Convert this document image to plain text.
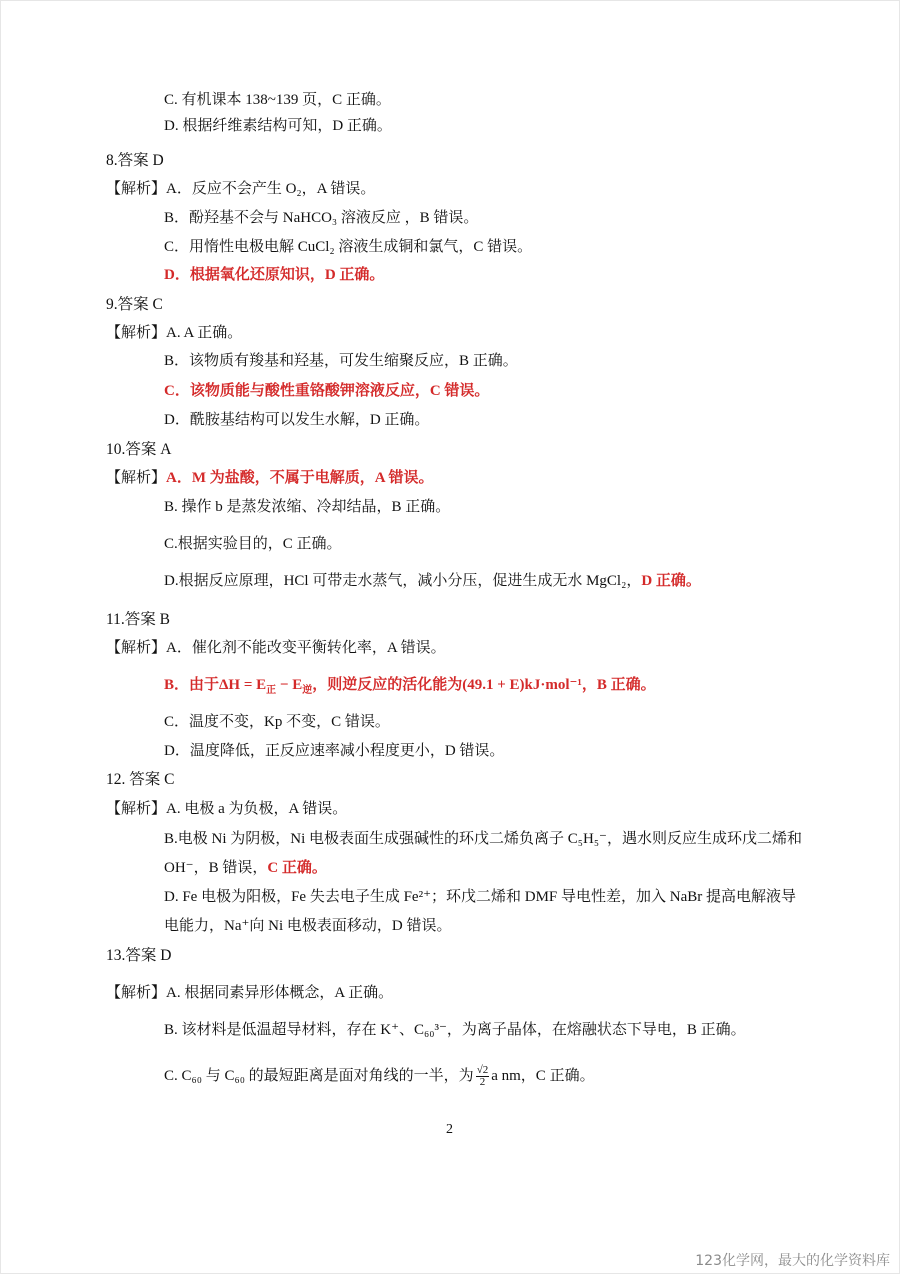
C. 有机课本 138~139 页，C 正确。
D. 根据纤维素结构可知，D 正确。
8.答案 D
【解析】A．反应不会产生 O₂，A 错误。
B．酚羟基不会与 NaHCO₃ 溶液反应 ，B 错误。
C．用惰性电极电解 CuCl₂ 溶液生成铜和氯气，C 错误。
D．根据氧化还原知识，D 正确。
9.答案 C
【解析】A. A 正确。
B．该物质有羧基和羟基，可发生缩聚反应，B 正确。
C．该物质能与酸性重铬酸钾溶液反应，C 错误。
D．酰胺基结构可以发生水解，D 正确。
10.答案 A
【解析】A．M 为盐酸，不属于电解质，A 错误。
B. 操作 b 是蒸发浓缩、冷却结晶，B 正确。
C.根据实验目的，C 正确。
D.根据反应原理，HCl 可带走水蒸气，减小分压，促进生成无水 MgCl₂，D 正确。
11.答案 B
【解析】A．催化剂不能改变平衡转化率，A 错误。
B．由于$\Delta H = E_正 - E_逆$，则逆反应的活化能为(49.1 + E)kJ·mol⁻¹，B 正确。
C．温度不变，Kp 不变，C 错误。
D．温度降低，正反应速率减小程度更小，D 错误。
12. 答案 C
【解析】A. 电极 a 为负极，A 错误。
B.电极 Ni 为阴极，Ni 电极表面生成强碱性的环戊二烯负离子 C₅H₅⁻，遇水则反应生成环戊二烯和
OH⁻，B 错误，C 正确。
D. Fe 电极为阳极，Fe 失去电子生成 Fe²⁺；环戊二烯和 DMF 导电性差，加入 NaBr 提高电解液导
电能力，Na⁺向 Ni 电极表面移动，D 错误。
13.答案 D
【解析】A. 根据同素异形体概念，A 正确。
B. 该材料是低温超导材料，存在 K⁺、C₆₀³⁻，为离子晶体，在熔融状态下导电，B 正确。
C. C₆₀ 与 C₆₀ 的最短距离是面对角线的一半，为 $\frac{√2}{2}$ a nm，C 正确。
2
123化学网，最大的化学资料库
